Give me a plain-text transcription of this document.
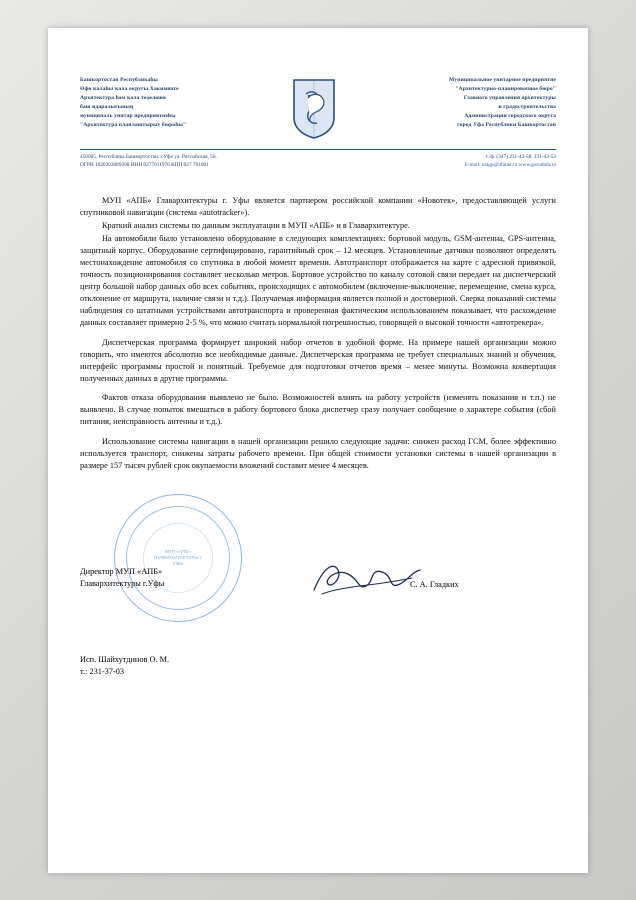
Башҡортостан Республикаһы
Өфө ҡалаһы ҡала округы Хакимиәте
Архитектура һәм ҡала төҙөлөшө
баш идаралығының
муниципаль унитар предприятиеһы
"Архитектура планлаштырыу бюроһы"
Муниципальное унитарное предприятие
"Архитектурно-планировочное бюро"
Главного управления архитектуры
и градостроительства
Администрации городского округа
город Уфа Республики Башкортостан
450005, Республика Башкортостан, г.Уфа ул. Российская, 50.
ОГРН 1020203089398 ИНН 0277011976 КПП 027 701001
т./ф. (347) 231-43-58, 231-43-52
E-mail: uaigp@ufanet.ru www.gorodufa.ru

МУП «АПБ» Главархитектуры г. Уфы является партнером российской компании «Новотек», предоставляющей услуги спутниковой навигации (система «autotracker»).

Краткий анализ системы по данным эксплуатации в МУП «АПБ» и в Главархитектуре.

На автомобили было установлено оборудование в следующих комплектациях: бортовой модуль, GSM-антенна, GPS-антенна, защитный корпус. Оборудование сертифицировано, гарантийный срок – 12 месяцев. Установленные датчики позволяют определять местонахождение автомобиля со спутника в любой момент времени. Автотранспорт отображается на карте с адресной привязкой, точность позиционирования составляет несколько метров. Бортовое устройство по каналу сотовой связи передает на диспетчерский центр большой набор данных обо всех событиях, происходящих с автомобилем (включение-выключение, перемещение, смена курса, отклонение от маршрута, наличие связи и т.д.). Получаемая информация является полной и достоверной. Сверка показаний системы наблюдения со штатными устройствами автотранспорта и проверенная фактическим использованием показывает, что расхождение данных составляет примерно 2-5 %, что можно считать нормальной погрешностью, говорящей о высокой точности «автотрекера».

Диспетчерская программа формирует широкий набор отчетов в удобной форме. На примере нашей организации можно говорить, что имеются абсолютно все необходимые данные. Диспетчерская программа не требует специальных знаний и обучения, интерфейс программы простой и понятный. Требуемое для подготовки отчетов время – менее минуты. Возможна конвертация полученных данных в другие программы.

Фактов отказа оборудования выявлено не было. Возможностей влиять на работу устройств (изменять показания и т.п.) не выявлено. В случае попыток вмешаться в работу бортового блока диспетчер сразу получает сообщение о характере события (сбой питания, неисправность антенны и т.д.).

Использование системы навигации в нашей организации решило следующие задачи: снижен расход ГСМ, более эффективно используется транспорт, снижены затраты рабочего времени. При общей стоимости установки системы в нашей организации в размере 157 тысяч рублей срок окупаемости вложений составит менее 4 месяцев.

МУП «АПБ» ГЛАВАРХИТЕКТУРЫ г. УФЫ
Директор МУП «АПБ»
Главархитектуры г.Уфы	С. А. Гладких
Исп. Шайхутдинов О. М.
т.: 231-37-03
